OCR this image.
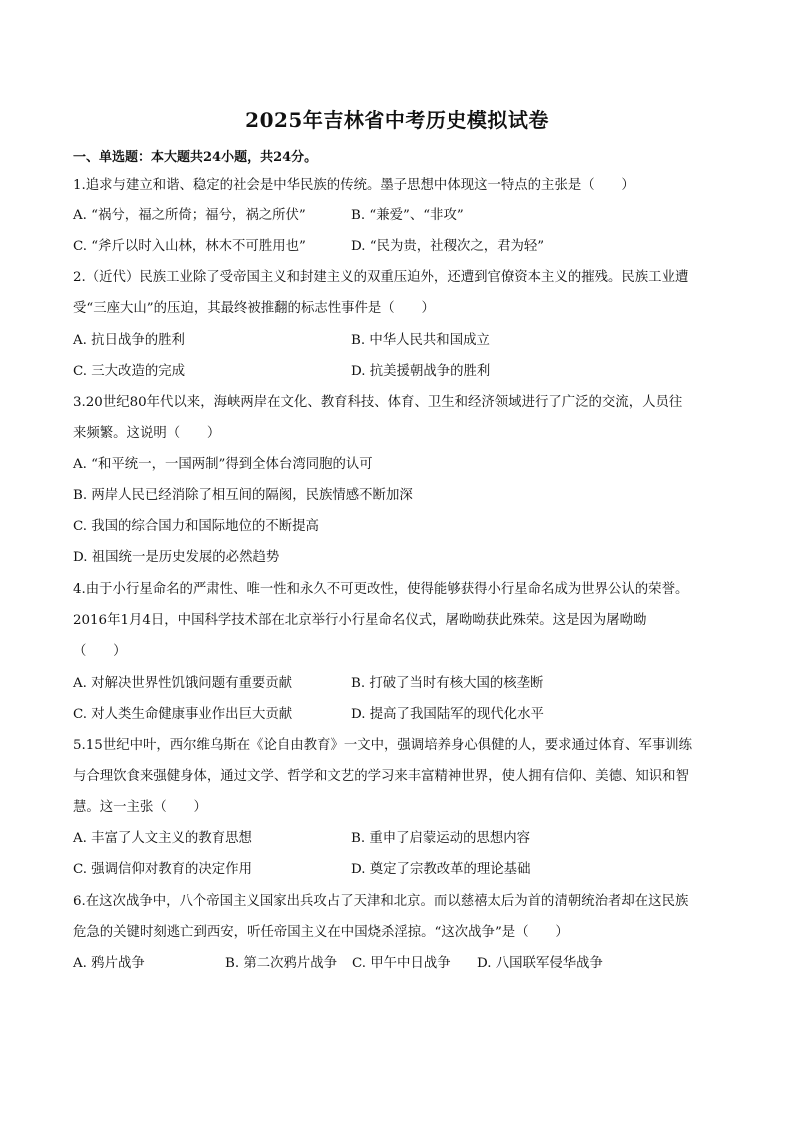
2025年吉林省中考历史模拟试卷
一、单选题：本大题共24小题，共24分。
1.追求与建立和谐、稳定的社会是中华民族的传统。墨子思想中体现这一特点的主张是（　　）
A. “祸兮，福之所倚；福兮，祸之所伏”	B. “兼爱”、“非攻”
C. “斧斤以时入山林，林木不可胜用也”	D. “民为贵，社稷次之，君为轻”
2.（近代）民族工业除了受帝国主义和封建主义的双重压迫外，还遭到官僚资本主义的摧残。民族工业遭
受“三座大山”的压迫，其最终被推翻的标志性事件是（　　）
A. 抗日战争的胜利	B. 中华人民共和国成立
C. 三大改造的完成	D. 抗美援朝战争的胜利
3.20世纪80年代以来，海峡两岸在文化、教育科技、体育、卫生和经济领域进行了广泛的交流，人员往
来频繁。这说明（　　）
A. “和平统一，一国两制”得到全体台湾同胞的认可
B. 两岸人民已经消除了相互间的隔阂，民族情感不断加深
C. 我国的综合国力和国际地位的不断提高
D. 祖国统一是历史发展的必然趋势
4.由于小行星命名的严肃性、唯一性和永久不可更改性，使得能够获得小行星命名成为世界公认的荣誉。
2016年1月4日，中国科学技术部在北京举行小行星命名仪式，屠呦呦获此殊荣。这是因为屠呦呦
（　　）
A. 对解决世界性饥饿问题有重要贡献	B. 打破了当时有核大国的核垄断
C. 对人类生命健康事业作出巨大贡献	D. 提高了我国陆军的现代化水平
5.15世纪中叶，西尔维乌斯在《论自由教育》一文中，强调培养身心俱健的人，要求通过体育、军事训练
与合理饮食来强健身体，通过文学、哲学和文艺的学习来丰富精神世界，使人拥有信仰、美德、知识和智
慧。这一主张（　　）
A. 丰富了人文主义的教育思想	B. 重申了启蒙运动的思想内容
C. 强调信仰对教育的决定作用	D. 奠定了宗教改革的理论基础
6.在这次战争中，八个帝国主义国家出兵攻占了天津和北京。而以慈禧太后为首的清朝统治者却在这民族
危急的关键时刻逃亡到西安，听任帝国主义在中国烧杀淫掠。“这次战争”是（　　）
A. 鸦片战争	B. 第二次鸦片战争 C. 甲午中日战争 D. 八国联军侵华战争
